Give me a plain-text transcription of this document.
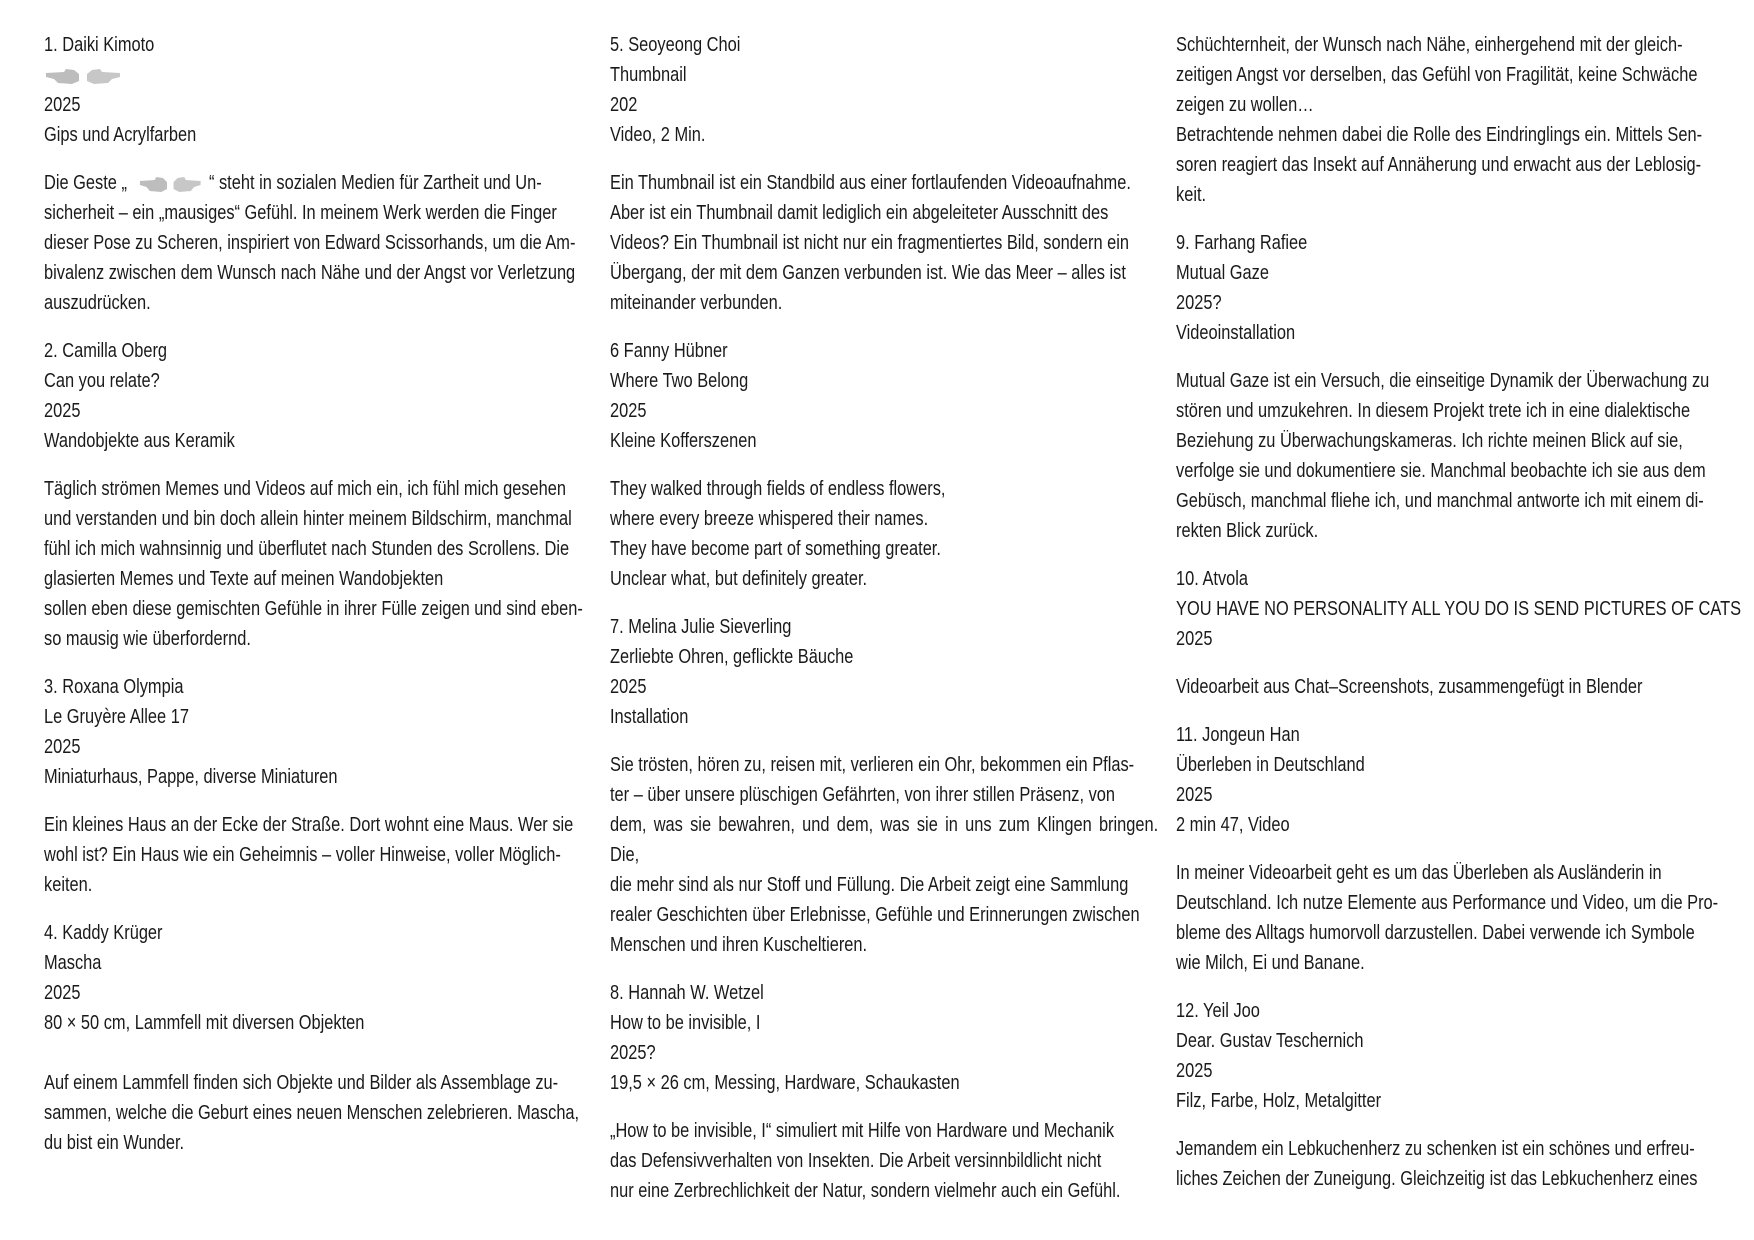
1. Daiki Kimoto
2025
Gips und Acrylfarben

Die Geste „	“ steht in sozialen Medien für Zartheit und Un-

sicherheit – ein „mausiges“ Gefühl. In meinem Werk werden die Finger

dieser Pose zu Scheren, inspiriert von Edward Scissorhands, um die Am-

bivalenz zwischen dem Wunsch nach Nähe und der Angst vor Verletzung

auszudrücken.

2. Camilla Oberg
Can you relate?
2025
Wandobjekte aus Keramik

Täglich strömen Memes und Videos auf mich ein, ich fühl mich gesehen

und verstanden und bin doch allein hinter meinem Bildschirm, manchmal

fühl ich mich wahnsinnig und überflutet nach Stunden des Scrollens. Die

glasierten Memes und Texte auf meinen Wandobjekten

sollen eben diese gemischten Gefühle in ihrer Fülle zeigen und sind eben-

so mausig wie überfordernd.

3. Roxana Olympia
Le Gruyère Allee 17
2025
Miniaturhaus, Pappe, diverse Miniaturen

Ein kleines Haus an der Ecke der Straße. Dort wohnt eine Maus. Wer sie

wohl ist? Ein Haus wie ein Geheimnis – voller Hinweise, voller Möglich-

keiten.

4. Kaddy Krüger
Mascha
2025
80 × 50 cm, Lammfell mit diversen Objekten

Auf einem Lammfell finden sich Objekte und Bilder als Assemblage zu-

sammen, welche die Geburt eines neuen Menschen zelebrieren. Mascha,

du bist ein Wunder.

5. Seoyeong Choi
Thumbnail
202
Video, 2 Min.

Ein Thumbnail ist ein Standbild aus einer fortlaufenden Videoaufnahme.

Aber ist ein Thumbnail damit lediglich ein abgeleiteter Ausschnitt des

Videos? Ein Thumbnail ist nicht nur ein fragmentiertes Bild, sondern ein

Übergang, der mit dem Ganzen verbunden ist. Wie das Meer – alles ist

miteinander verbunden.

6 Fanny Hübner
Where Two Belong
2025
Kleine Kofferszenen

They walked through fields of endless flowers,

where every breeze whispered their names.

They have become part of something greater.

Unclear what, but definitely greater.

7. Melina Julie Sieverling
Zerliebte Ohren, geflickte Bäuche
2025
Installation

Sie trösten, hören zu, reisen mit, verlieren ein Ohr, bekommen ein Pflas-

ter – über unsere plüschigen Gefährten, von ihrer stillen Präsenz, von

dem, was sie bewahren, und dem, was sie in uns zum Klingen bringen. Die,

die mehr sind als nur Stoff und Füllung. Die Arbeit zeigt eine Sammlung

realer Geschichten über Erlebnisse, Gefühle und Erinnerungen zwischen

Menschen und ihren Kuscheltieren.

8. Hannah W. Wetzel
How to be invisible, I
2025?
19,5 × 26 cm, Messing, Hardware, Schaukasten

„How to be invisible, I“ simuliert mit Hilfe von Hardware und Mechanik

das Defensivverhalten von Insekten. Die Arbeit versinnbildlicht nicht

nur eine Zerbrechlichkeit der Natur, sondern vielmehr auch ein Gefühl.

Schüchternheit, der Wunsch nach Nähe, einhergehend mit der gleich-

zeitigen Angst vor derselben, das Gefühl von Fragilität, keine Schwäche

zeigen zu wollen…

Betrachtende nehmen dabei die Rolle des Eindringlings ein. Mittels Sen-

soren reagiert das Insekt auf Annäherung und erwacht aus der Leblosig-

keit.

9. Farhang Rafiee
Mutual Gaze
2025?
Videoinstallation

Mutual Gaze ist ein Versuch, die einseitige Dynamik der Überwachung zu

stören und umzukehren. In diesem Projekt trete ich in eine dialektische

Beziehung zu Überwachungskameras. Ich richte meinen Blick auf sie,

verfolge sie und dokumentiere sie. Manchmal beobachte ich sie aus dem

Gebüsch, manchmal fliehe ich, und manchmal antworte ich mit einem di-

rekten Blick zurück.

10. Atvola
YOU HAVE NO PERSONALITY ALL YOU DO IS SEND PICTURES OF CATS
2025

Videoarbeit aus Chat–Screenshots, zusammengefügt in Blender

11. Jongeun Han
Überleben in Deutschland
2025
2 min 47, Video

In meiner Videoarbeit geht es um das Überleben als Ausländerin in

Deutschland. Ich nutze Elemente aus Performance und Video, um die Pro-

bleme des Alltags humorvoll darzustellen. Dabei verwende ich Symbole

wie Milch, Ei und Banane.

12. Yeil Joo
Dear. Gustav Teschernich
2025
Filz, Farbe, Holz, Metalgitter

Jemandem ein Lebkuchenherz zu schenken ist ein schönes und erfreu-

liches Zeichen der Zuneigung. Gleichzeitig ist das Lebkuchenherz eines
